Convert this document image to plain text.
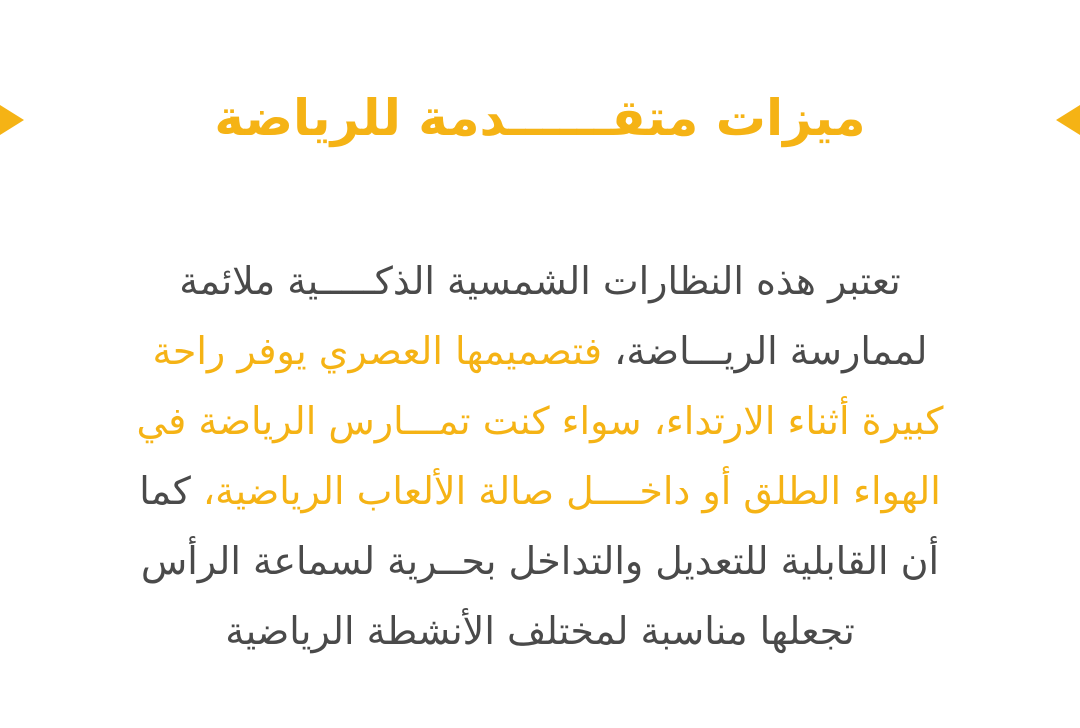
ميزات متقــــــدمة للرياضة

تعتبر هذه النظارات الشمسية الذكـــــية ملائمة
لممارسة الريـــاضة، فتصميمها العصري يوفر راحة
كبيرة أثناء الارتداء، سواء كنت تمـــارس الرياضة في
الهواء الطلق أو داخــــل صالة الألعاب الرياضية، كما
أن القابلية للتعديل والتداخل بحــرية لسماعة الرأس
تجعلها مناسبة لمختلف الأنشطة الرياضية
